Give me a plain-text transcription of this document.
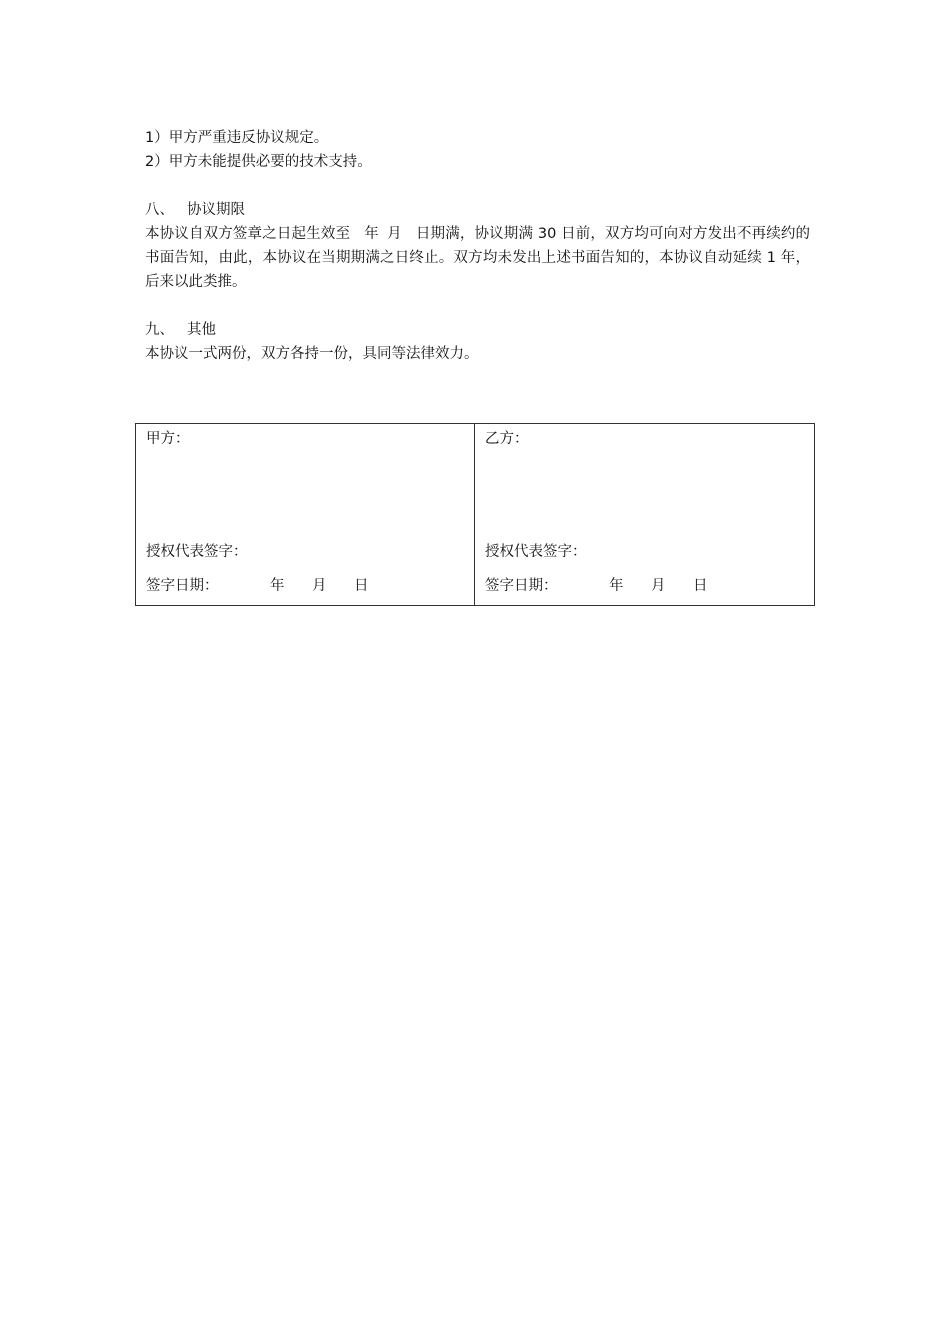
1）甲方严重违反协议规定。
2）甲方未能提供必要的技术支持。
八、 协议期限
本协议自双方签章之日起生效至 年 月 日期满，协议期满 30 日前，双方均可向对方发出不再续约的书面告知，由此，本协议在当期期满之日终止。双方均未发出上述书面告知的，本协议自动延续 1 年，后来以此类推。
九、 其他
本协议一式两份，双方各持一份，具同等法律效力。
甲方：
授权代表签字：
签字日期：	年 月 日
乙方：
授权代表签字：
签字日期：	年 月 日
